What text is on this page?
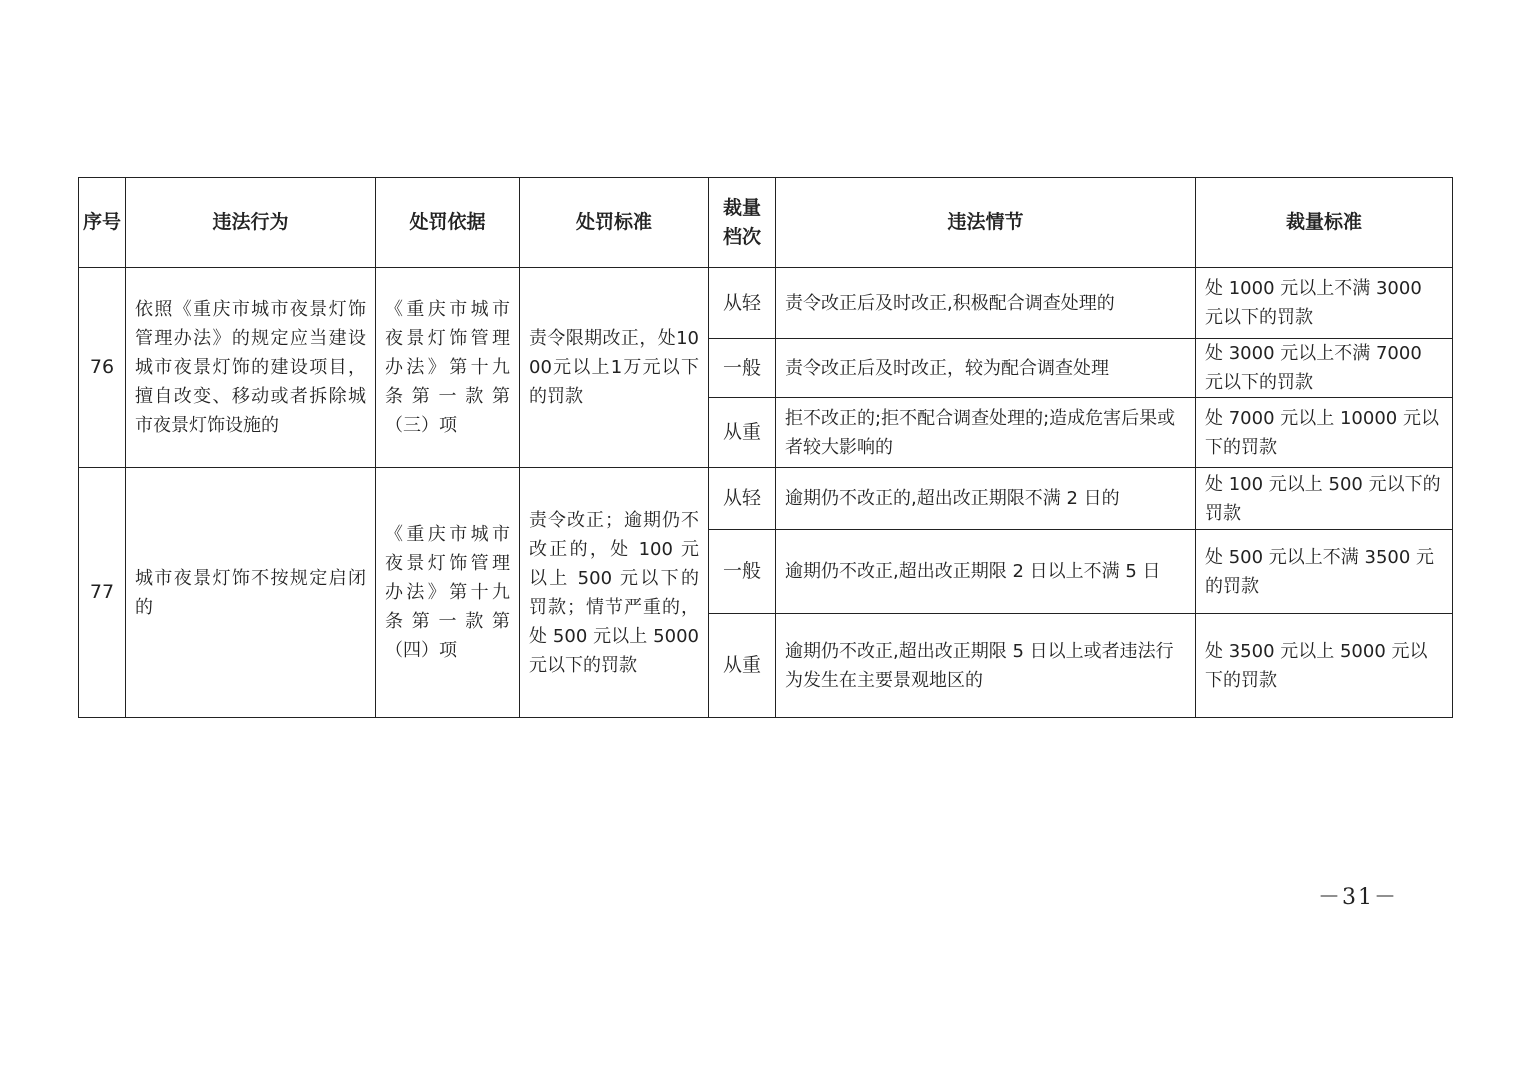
序号	违法行为	处罚依据	处罚标准	裁量档次	违法情节	裁量标准
76	依照《重庆市城市夜景灯饰管理办法》的规定应当建设城市夜景灯饰的建设项目，擅自改变、移动或者拆除城市夜景灯饰设施的	《重庆市城市夜景灯饰管理办法》第十九条第一款第（三）项	责令限期改正，处1000元以上1万元以下的罚款	从轻	责令改正后及时改正,积极配合调查处理的	处 1000 元以上不满 3000 元以下的罚款
				一般	责令改正后及时改正，较为配合调查处理	处 3000 元以上不满 7000 元以下的罚款
				从重	拒不改正的;拒不配合调查处理的;造成危害后果或者较大影响的	处 7000 元以上 10000 元以下的罚款
77	城市夜景灯饰不按规定启闭的	《重庆市城市夜景灯饰管理办法》第十九条第一款第（四）项	责令改正；逾期仍不改正的，处 100 元以上 500 元以下的罚款；情节严重的，处 500 元以上 5000 元以下的罚款	从轻	逾期仍不改正的,超出改正期限不满 2 日的	处 100 元以上 500 元以下的罚款
				一般	逾期仍不改正,超出改正期限 2 日以上不满 5 日	处 500 元以上不满 3500 元的罚款
				从重	逾期仍不改正,超出改正期限 5 日以上或者违法行为发生在主要景观地区的	处 3500 元以上 5000 元以下的罚款
－31－
